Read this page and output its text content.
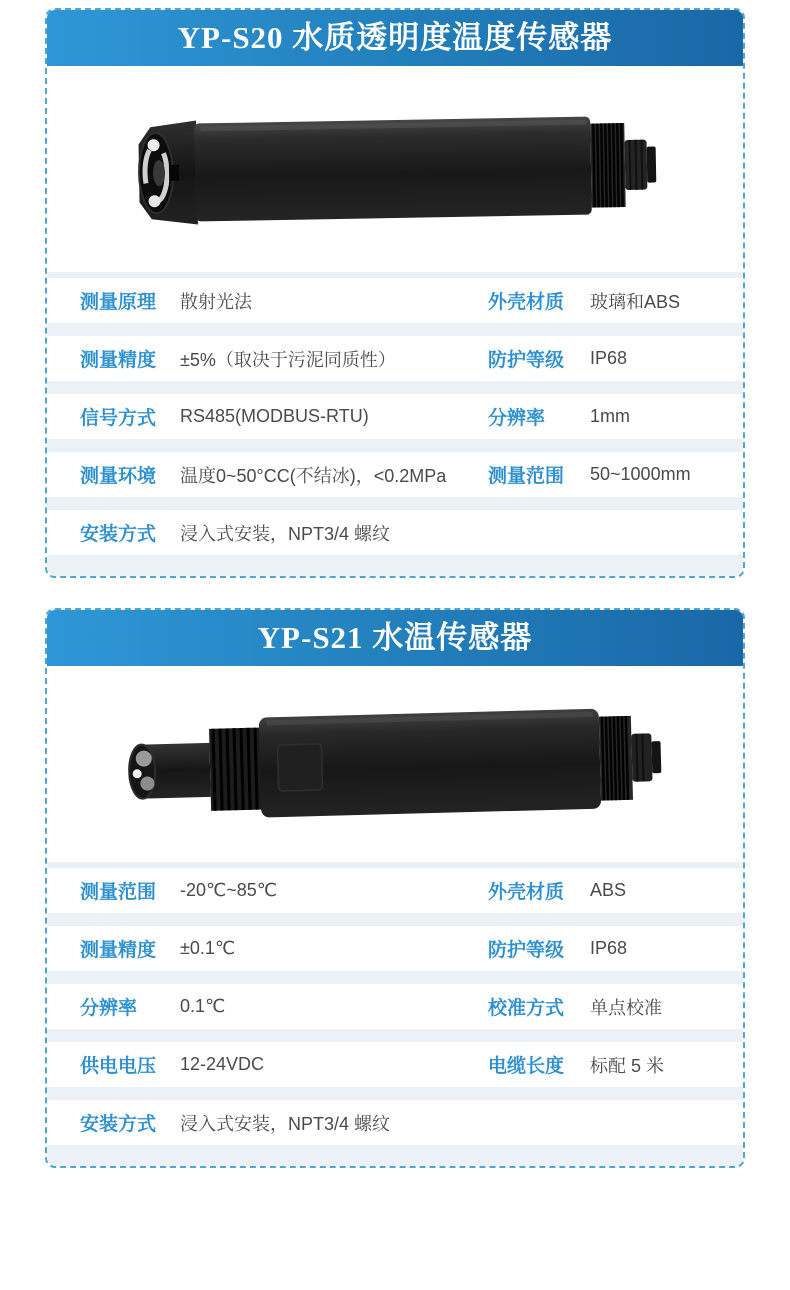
YP-S20 水质透明度温度传感器
测量原理	散射光法	外壳材质	玻璃和ABS
测量精度	±5%（取决于污泥同质性）	防护等级	IP68
信号方式	RS485(MODBUS-RTU)	分辨率	1mm
测量环境	温度0~50°CC(不结冰)，<0.2MPa	测量范围	50~1000mm
安装方式	浸入式安装，NPT3/4 螺纹
YP-S21 水温传感器
测量范围	-20℃~85℃	外壳材质	ABS
测量精度	±0.1℃	防护等级	IP68
分辨率	0.1℃	校准方式	单点校准
供电电压	12-24VDC	电缆长度	标配 5 米
安装方式	浸入式安装，NPT3/4 螺纹
